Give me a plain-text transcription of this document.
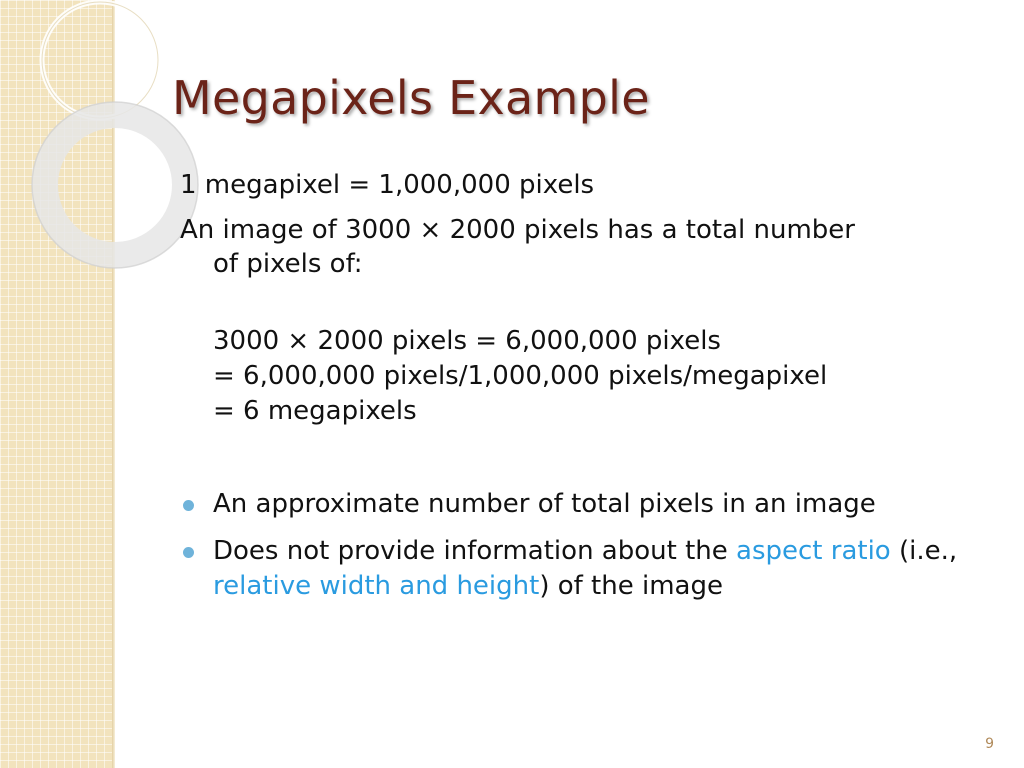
Megapixels Example
1 megapixel = 1,000,000 pixels
An image of 3000 × 2000 pixels has a total number
of pixels of:
3000 × 2000 pixels = 6,000,000 pixels
= 6,000,000 pixels/1,000,000 pixels/megapixel
= 6 megapixels
An approximate number of total pixels in an image
Does not provide information about the aspect ratio (i.e., relative width and height) of the image
9
